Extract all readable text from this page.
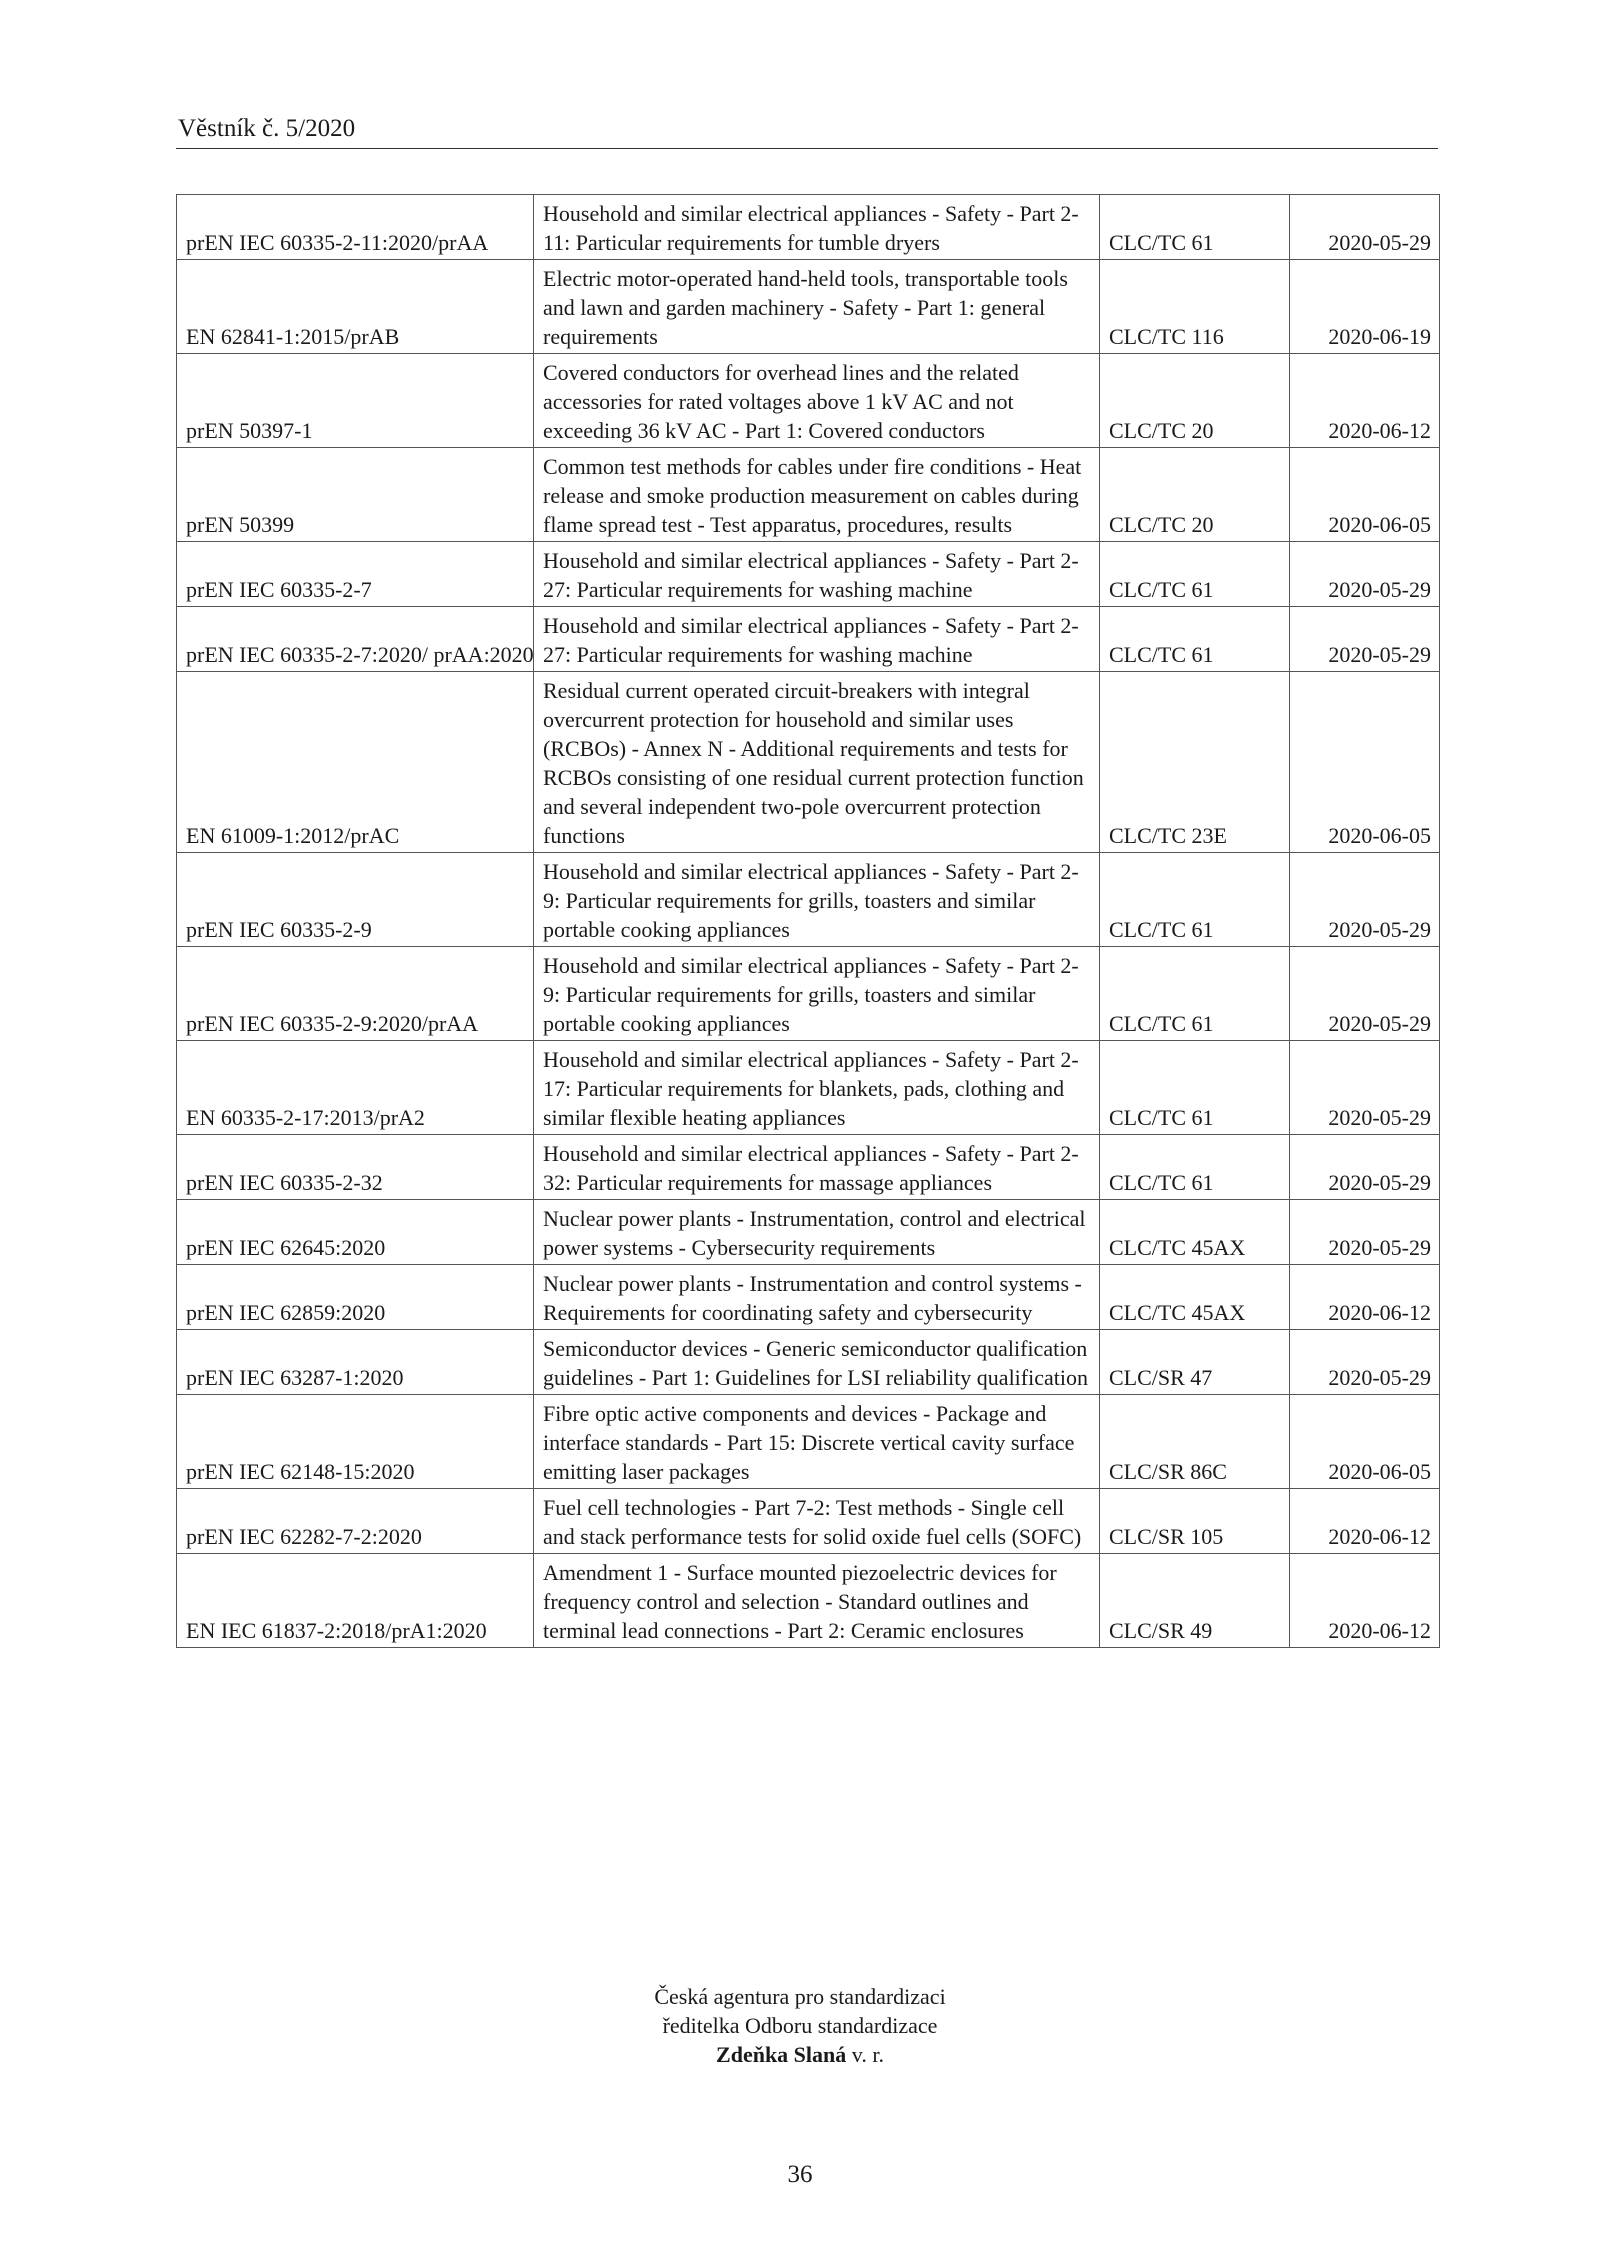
Věstník č. 5/2020
prEN IEC 60335-2-11:2020/prAA	Household and similar electrical appliances - Safety - Part 2-11: Particular requirements for tumble dryers	CLC/TC 61	2020-05-29
EN 62841-1:2015/prAB	Electric motor-operated hand-held tools, transportable tools and lawn and garden machinery - Safety - Part 1: general requirements	CLC/TC 116	2020-06-19
prEN 50397-1	Covered conductors for overhead lines and the related accessories for rated voltages above 1 kV AC and not exceeding 36 kV AC - Part 1: Covered conductors	CLC/TC 20	2020-06-12
prEN 50399	Common test methods for cables under fire conditions - Heat release and smoke production measurement on cables during flame spread test - Test apparatus, procedures, results	CLC/TC 20	2020-06-05
prEN IEC 60335-2-7	Household and similar electrical appliances - Safety - Part 2-27: Particular requirements for washing machine	CLC/TC 61	2020-05-29
prEN IEC 60335-2-7:2020/ prAA:2020	Household and similar electrical appliances - Safety - Part 2-27: Particular requirements for washing machine	CLC/TC 61	2020-05-29
EN 61009-1:2012/prAC	Residual current operated circuit-breakers with integral overcurrent protection for household and similar uses (RCBOs) - Annex N - Additional requirements and tests for RCBOs consisting of one residual current protection function and several independent two-pole overcurrent protection functions	CLC/TC 23E	2020-06-05
prEN IEC 60335-2-9	Household and similar electrical appliances - Safety - Part 2-9: Particular requirements for grills, toasters and similar portable cooking appliances	CLC/TC 61	2020-05-29
prEN IEC 60335-2-9:2020/prAA	Household and similar electrical appliances - Safety - Part 2-9: Particular requirements for grills, toasters and similar portable cooking appliances	CLC/TC 61	2020-05-29
EN 60335-2-17:2013/prA2	Household and similar electrical appliances - Safety - Part 2-17: Particular requirements for blankets, pads, clothing and similar flexible heating appliances	CLC/TC 61	2020-05-29
prEN IEC 60335-2-32	Household and similar electrical appliances - Safety - Part 2-32: Particular requirements for massage appliances	CLC/TC 61	2020-05-29
prEN IEC 62645:2020	Nuclear power plants - Instrumentation, control and electrical power systems - Cybersecurity requirements	CLC/TC 45AX	2020-05-29
prEN IEC 62859:2020	Nuclear power plants - Instrumentation and control systems - Requirements for coordinating safety and cybersecurity	CLC/TC 45AX	2020-06-12
prEN IEC 63287-1:2020	Semiconductor devices - Generic semiconductor qualification guidelines - Part 1: Guidelines for LSI reliability qualification	CLC/SR 47	2020-05-29
prEN IEC 62148-15:2020	Fibre optic active components and devices - Package and interface standards - Part 15: Discrete vertical cavity surface emitting laser packages	CLC/SR 86C	2020-06-05
prEN IEC 62282-7-2:2020	Fuel cell technologies - Part 7-2: Test methods - Single cell and stack performance tests for solid oxide fuel cells (SOFC)	CLC/SR 105	2020-06-12
EN IEC 61837-2:2018/prA1:2020	Amendment 1 - Surface mounted piezoelectric devices for frequency control and selection - Standard outlines and terminal lead connections - Part 2: Ceramic enclosures	CLC/SR 49	2020-06-12
Česká agentura pro standardizaci
ředitelka Odboru standardizace
Zdeňka Slaná v. r.
36
